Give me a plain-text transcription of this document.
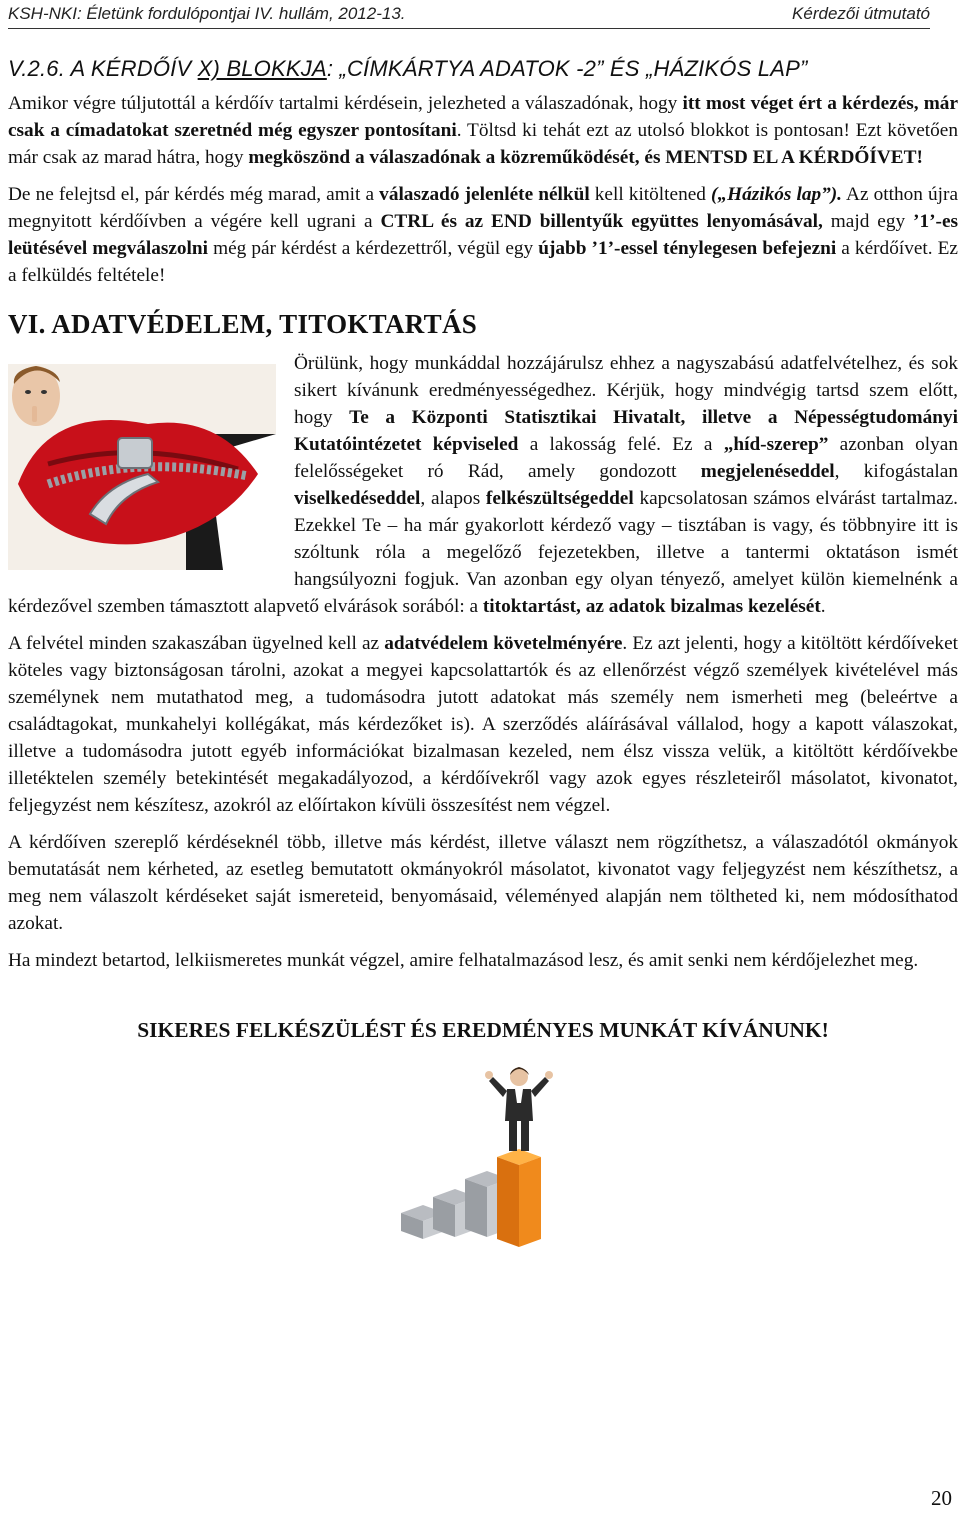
KSH-NKI: Életünk fordulópontjai IV. hullám, 2012-13.	Kérdezői útmutató
V.2.6. A KÉRDŐÍV X) BLOKKJA: „CÍMKÁRTYA ADATOK -2” ÉS „HÁZIKÓS LAP”

Amikor végre túljutottál a kérdőív tartalmi kérdésein, jelezheted a válaszadónak, hogy itt most véget ért a kérdezés, már csak a címadatokat szeretnéd még egyszer pontosítani. Töltsd ki tehát ezt az utolsó blokkot is pontosan! Ezt követően már csak az marad hátra, hogy megköszönd a válaszadónak a közreműködését, és MENTSD EL A KÉRDŐÍVET!

De ne felejtsd el, pár kérdés még marad, amit a válaszadó jelenléte nélkül kell kitöltened („Házikós lap”). Az otthon újra megnyitott kérdőívben a végére kell ugrani a CTRL és az END billentyűk együttes lenyomásával, majd egy ’1’-es leütésével megválaszolni még pár kérdést a kérdezettről, végül egy újabb ’1’-essel ténylegesen befejezni a kérdőívet. Ez a felküldés feltétele!

VI. ADATVÉDELEM, TITOKTARTÁS

Örülünk, hogy munkáddal hozzájárulsz ehhez a nagyszabású adatfelvételhez, és sok sikert kívánunk eredményességedhez. Kérjük, hogy mindvégig tartsd szem előtt, hogy Te a Központi Statisztikai Hivatalt, illetve a Népességtudományi Kutatóintézetet képviseled a lakosság felé. Ez a „híd-szerep” azonban olyan felelősségeket ró Rád, amely gondozott megjelenéseddel, kifogástalan viselkedéseddel, alapos felkészültségeddel kapcsolatosan számos elvárást tartalmaz. Ezekkel Te – ha már gyakorlott kérdező vagy – tisztában is vagy, és többnyire itt is szóltunk róla a megelőző fejezetekben, illetve a tantermi oktatáson ismét hangsúlyozni fogjuk. Van azonban egy olyan tényező, amelyet külön kiemelnénk a kérdezővel szemben támasztott alapvető elvárások sorából: a titoktartást, az adatok bizalmas kezelését.

A felvétel minden szakaszában ügyelned kell az adatvédelem követelményére. Ez azt jelenti, hogy a kitöltött kérdőíveket köteles vagy biztonságosan tárolni, azokat a megyei kapcsolattartók és az ellenőrzést végző személyek kivételével más személynek nem mutathatod meg, a tudomásodra jutott adatokat más személy nem ismerheti meg (beleértve a családtagokat, munkahelyi kollégákat, más kérdezőket is). A szerződés aláírásával vállalod, hogy a kapott válaszokat, illetve a tudomásodra jutott egyéb információkat bizalmasan kezeled, nem élsz vissza velük, a kitöltött kérdőívekbe illetéktelen személy betekintését megakadályozod, a kérdőívekről vagy azok egyes részleteiről másolatot, kivonatot, feljegyzést nem készítesz, azokról az előírtakon kívüli összesítést nem végzel.

A kérdőíven szereplő kérdéseknél több, illetve más kérdést, illetve választ nem rögzíthetsz, a válaszadótól okmányok bemutatását nem kérheted, az esetleg bemutatott okmányokról másolatot, kivonatot vagy feljegyzést nem készíthetsz, a meg nem válaszolt kérdéseket saját ismereteid, benyomásaid, véleményed alapján nem töltheted ki, nem módosíthatod azokat.

Ha mindezt betartod, lelkiismeretes munkát végzel, amire felhatalmazásod lesz, és amit senki nem kérdőjelezhet meg.

SIKERES FELKÉSZÜLÉST ÉS EREDMÉNYES MUNKÁT KÍVÁNUNK!
20
